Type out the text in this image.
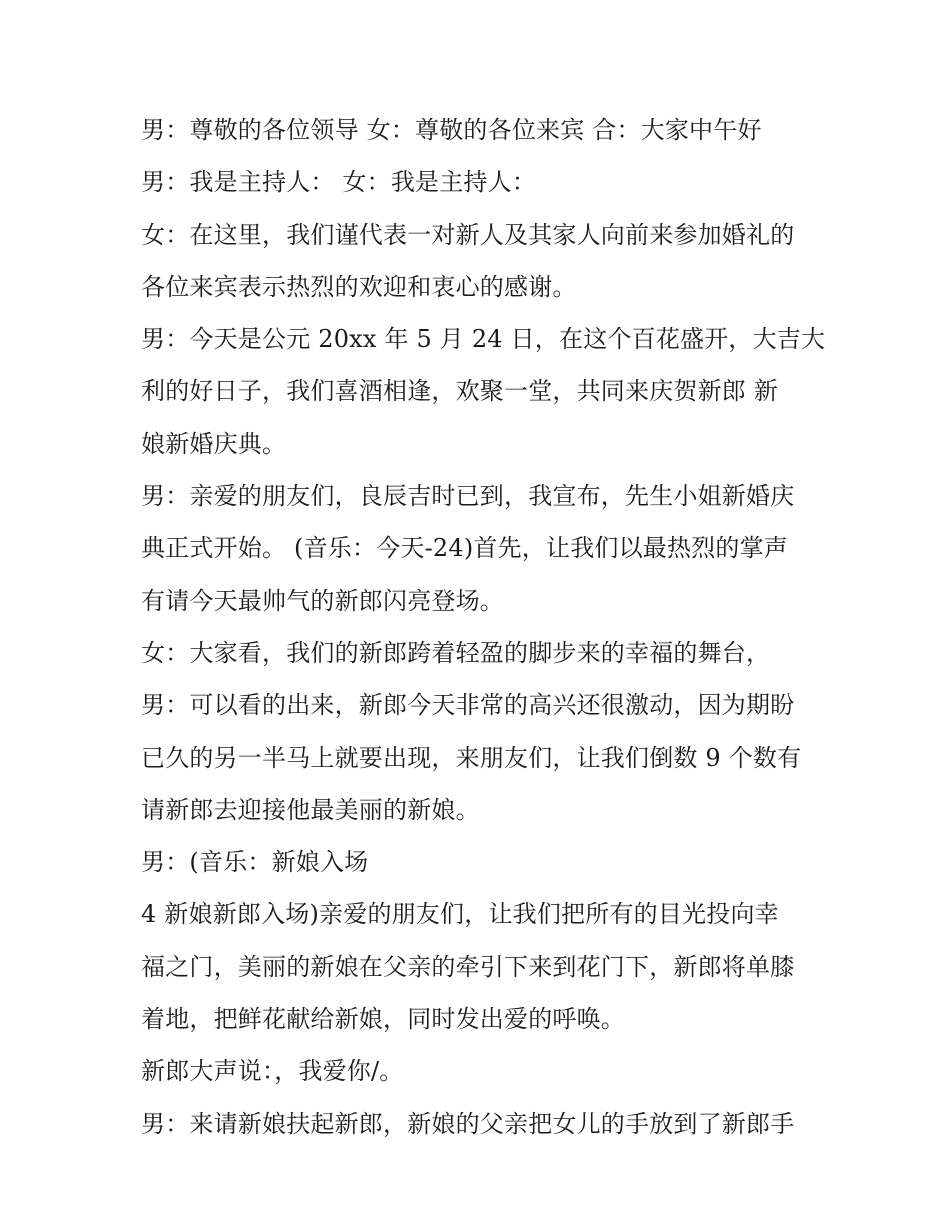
男：尊敬的各位领导 女：尊敬的各位来宾 合：大家中午好
男：我是主持人： 女：我是主持人：
女：在这里，我们谨代表一对新人及其家人向前来参加婚礼的
各位来宾表示热烈的欢迎和衷心的感谢。
男：今天是公元 20xx 年 5 月 24 日，在这个百花盛开，大吉大
利的好日子，我们喜酒相逢，欢聚一堂，共同来庆贺新郎 新
娘新婚庆典。
男：亲爱的朋友们，良辰吉时已到，我宣布，先生小姐新婚庆
典正式开始。 (音乐：今天-24)首先，让我们以最热烈的掌声
有请今天最帅气的新郎闪亮登场。
女：大家看，我们的新郎跨着轻盈的脚步来的幸福的舞台，
男：可以看的出来，新郎今天非常的高兴还很激动，因为期盼
已久的另一半马上就要出现，来朋友们，让我们倒数 9 个数有
请新郎去迎接他最美丽的新娘。
男：(音乐：新娘入场
4 新娘新郎入场)亲爱的朋友们，让我们把所有的目光投向幸
福之门，美丽的新娘在父亲的牵引下来到花门下，新郎将单膝
着地，把鲜花献给新娘，同时发出爱的呼唤。
新郎大声说：，我爱你/。
男：来请新娘扶起新郎，新娘的父亲把女儿的手放到了新郎手
